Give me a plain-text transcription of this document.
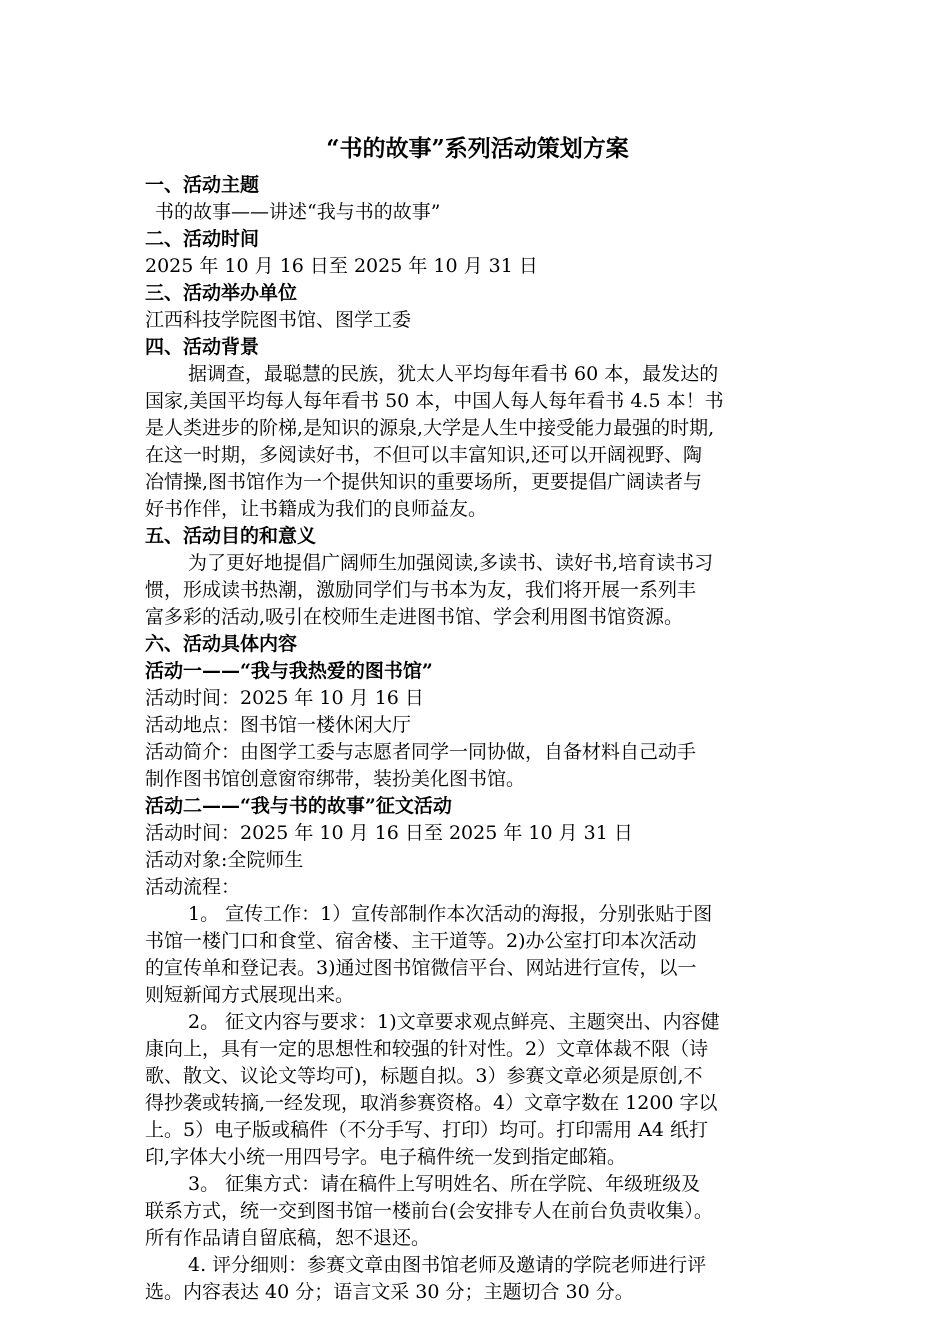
“书的故事”系列活动策划方案
一、活动主题
书的故事——讲述“我与书的故事”
二、活动时间
2025 年 10 月 16 日至 2025 年 10 月 31 日
三、活动举办单位
江西科技学院图书馆、图学工委
四、活动背景
据调查，最聪慧的民族，犹太人平均每年看书 60 本，最发达的
国家,美国平均每人每年看书 50 本，中国人每人每年看书 4.5 本！书
是人类进步的阶梯,是知识的源泉,大学是人生中接受能力最强的时期,
在这一时期，多阅读好书，不但可以丰富知识,还可以开阔视野、陶
冶情操,图书馆作为一个提供知识的重要场所，更要提倡广阔读者与
好书作伴，让书籍成为我们的良师益友。
五、活动目的和意义
为了更好地提倡广阔师生加强阅读,多读书、读好书,培育读书习
惯，形成读书热潮，激励同学们与书本为友，我们将开展一系列丰
富多彩的活动,吸引在校师生走进图书馆、学会利用图书馆资源。
六、活动具体内容
活动一——“我与我热爱的图书馆”
活动时间：2025 年 10 月 16 日
活动地点：图书馆一楼休闲大厅
活动简介：由图学工委与志愿者同学一同协做，自备材料自己动手
制作图书馆创意窗帘绑带，装扮美化图书馆。
活动二——“我与书的故事”征文活动
活动时间：2025 年 10 月 16 日至 2025 年 10 月 31 日
活动对象:全院师生
活动流程：
1。 宣传工作：1）宣传部制作本次活动的海报，分别张贴于图
书馆一楼门口和食堂、宿舍楼、主干道等。2)办公室打印本次活动
的宣传单和登记表。3)通过图书馆微信平台、网站进行宣传，以一
则短新闻方式展现出来。
2。 征文内容与要求：1)文章要求观点鲜亮、主题突出、内容健
康向上，具有一定的思想性和较强的针对性。2）文章体裁不限（诗
歌、散文、议论文等均可)，标题自拟。3）参赛文章必须是原创,不
得抄袭或转摘,一经发现，取消参赛资格。4）文章字数在 1200 字以
上。5）电子版或稿件（不分手写、打印）均可。打印需用 A4 纸打
印,字体大小统一用四号字。电子稿件统一发到指定邮箱。
3。 征集方式：请在稿件上写明姓名、所在学院、年级班级及
联系方式，统一交到图书馆一楼前台(会安排专人在前台负责收集）。
所有作品请自留底稿，恕不退还。
4. 评分细则：参赛文章由图书馆老师及邀请的学院老师进行评
选。内容表达 40 分；语言文采 30 分；主题切合 30 分。
